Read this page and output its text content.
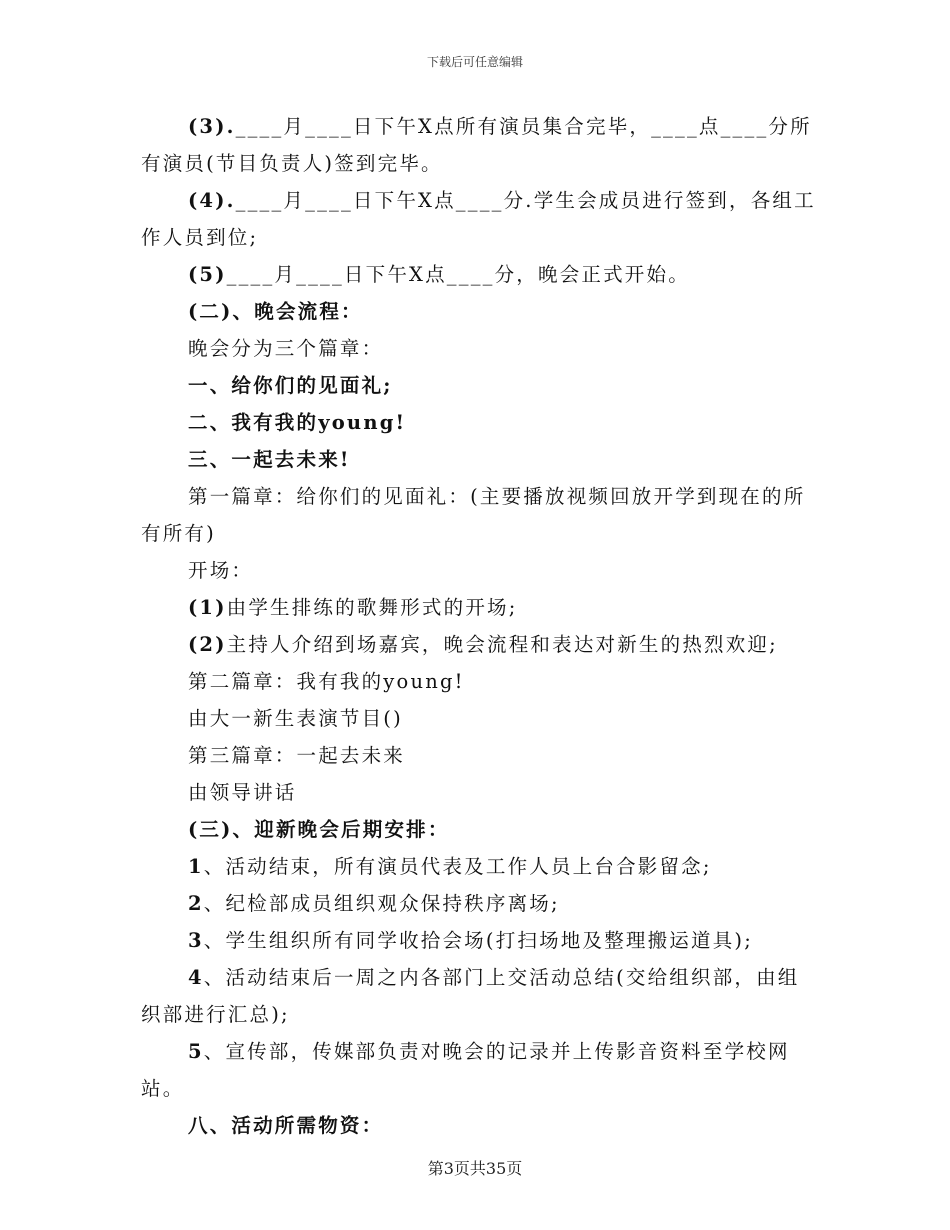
下载后可任意编辑

(3).____月____日下午X点所有演员集合完毕，____点____分所有演员(节目负责人)签到完毕。

(4).____月____日下午X点____分.学生会成员进行签到，各组工作人员到位;

(5)____月____日下午X点____分，晚会正式开始。

(二)、晚会流程：

晚会分为三个篇章：

一、给你们的见面礼;

二、我有我的young!

三、一起去未来!

第一篇章：给你们的见面礼：(主要播放视频回放开学到现在的所有所有)

开场：

(1)由学生排练的歌舞形式的开场;

(2)主持人介绍到场嘉宾，晚会流程和表达对新生的热烈欢迎;

第二篇章：我有我的young!

由大一新生表演节目()

第三篇章：一起去未来

由领导讲话

(三)、迎新晚会后期安排：

1、活动结束，所有演员代表及工作人员上台合影留念;

2、纪检部成员组织观众保持秩序离场;

3、学生组织所有同学收拾会场(打扫场地及整理搬运道具);

4、活动结束后一周之内各部门上交活动总结(交给组织部，由组织部进行汇总);

5、宣传部，传媒部负责对晚会的记录并上传影音资料至学校网站。

八、活动所需物资：

第3页共35页
